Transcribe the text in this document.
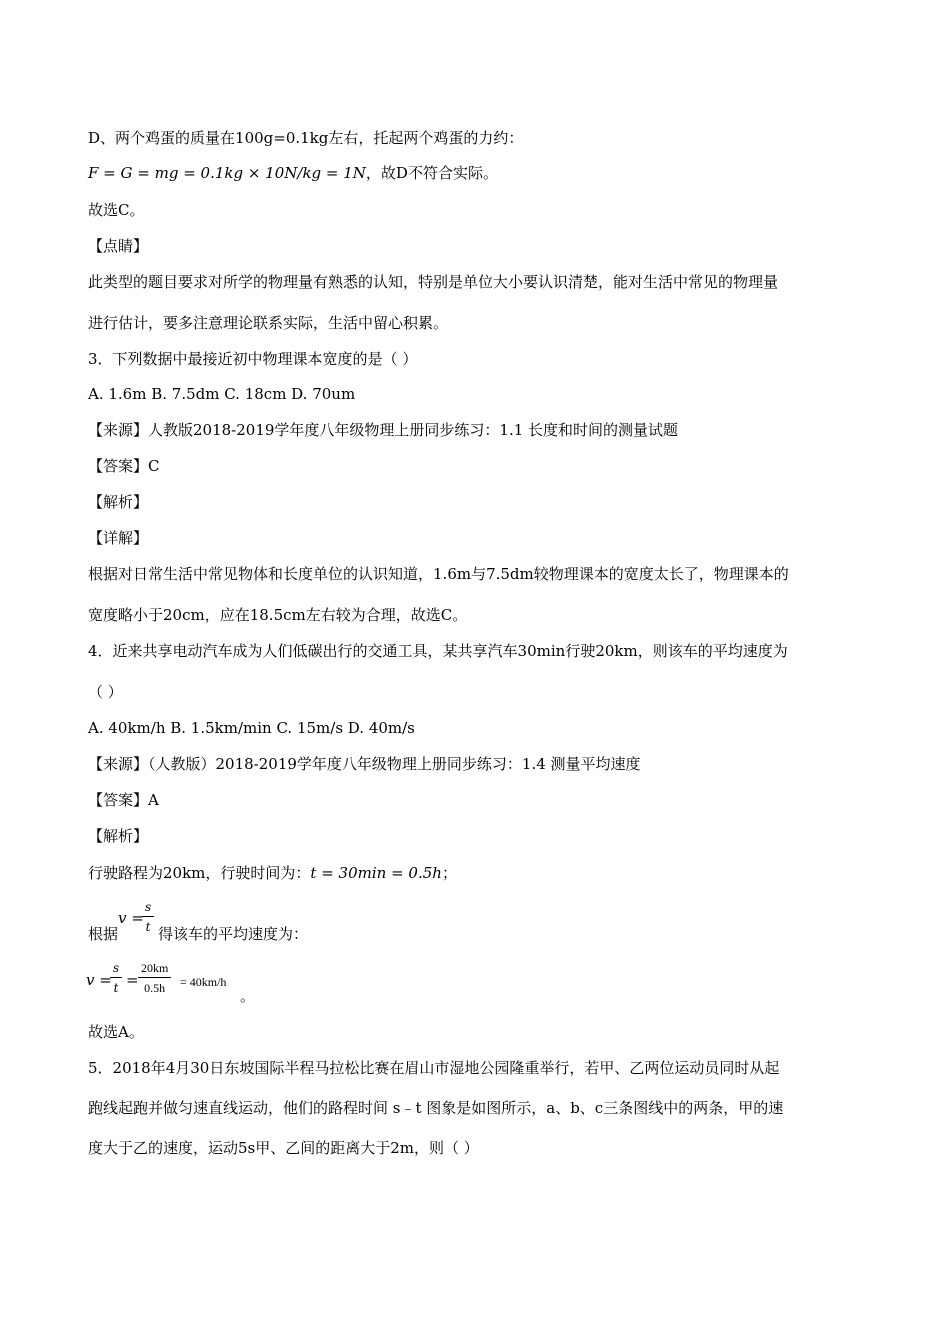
D、两个鸡蛋的质量在100g=0.1kg左右，托起两个鸡蛋的力约：
F = G = mg = 0.1kg × 10N/kg = 1N，故D不符合实际。
故选C。
【点睛】
此类型的题目要求对所学的物理量有熟悉的认知，特别是单位大小要认识清楚，能对生活中常见的物理量
进行估计，要多注意理论联系实际，生活中留心积累。
3．下列数据中最接近初中物理课本宽度的是（ ）
A. 1.6m B. 7.5dm C. 18cm D. 70um
【来源】人教版2018-2019学年度八年级物理上册同步练习：1.1 长度和时间的测量试题
【答案】C
【解析】
【详解】
根据对日常生活中常见物体和长度单位的认识知道，1.6m与7.5dm较物理课本的宽度太长了，物理课本的
宽度略小于20cm，应在18.5cm左右较为合理，故选C。
4．近来共享电动汽车成为人们低碳出行的交通工具，某共享汽车30min行驶20km，则该车的平均速度为
（ ）
A. 40km/h B. 1.5km/min C. 15m/s D. 40m/s
【来源】（人教版）2018-2019学年度八年级物理上册同步练习：1.4 测量平均速度
【答案】A
【解析】
行驶路程为20km，行驶时间为：t = 30min = 0.5h；
根据
v =
$\frac{s}{t}$ 得该车的平均速度为：
v =
$\frac{s}{t} = \frac{20km}{0.5h} = 40km/h$
。
故选A。
5．2018年4月30日东坡国际半程马拉松比赛在眉山市湿地公园隆重举行，若甲、乙两位运动员同时从起
跑线起跑并做匀速直线运动，他们的路程时间 s﹣t 图象是如图所示，a、b、c三条图线中的两条，甲的速
度大于乙的速度，运动5s甲、乙间的距离大于2m，则（ ）
